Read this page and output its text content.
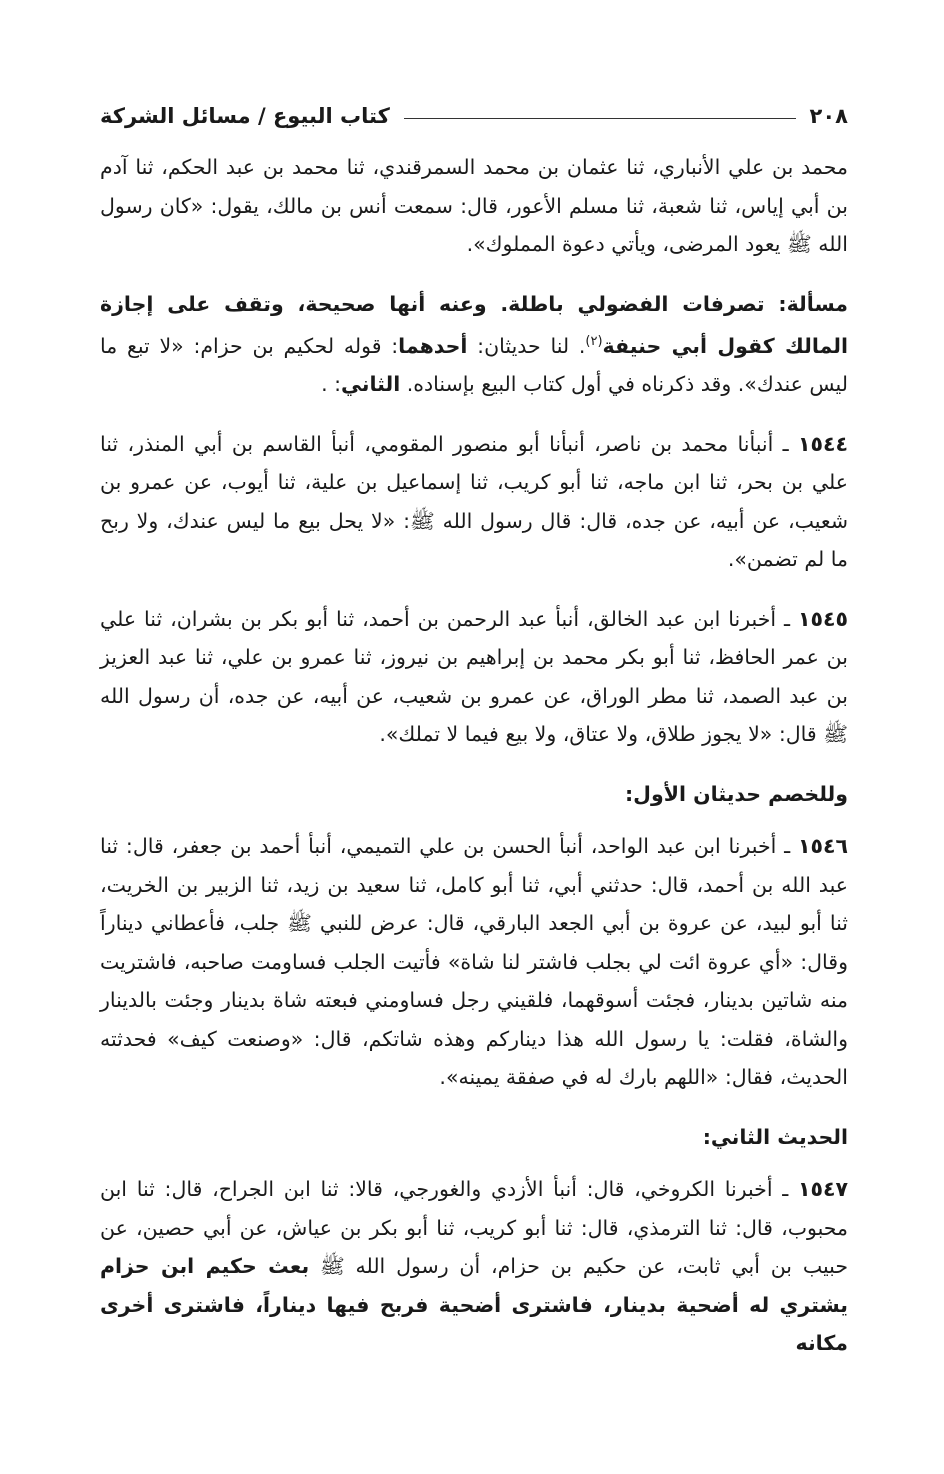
٢٠٨
كتاب البيوع / مسائل الشركة

محمد بن علي الأنباري، ثنا عثمان بن محمد السمرقندي، ثنا محمد بن عبد الحكم، ثنا آدم بن أبي إياس، ثنا شعبة، ثنا مسلم الأعور، قال: سمعت أنس بن مالك، يقول: «كان رسول الله ﷺ يعود المرضى، ويأتي دعوة المملوك».

مسألة: تصرفات الفضولي باطلة. وعنه أنها صحيحة، وتقف على إجازة المالك كقول أبي حنيفة$^{(٢)}$. لنا حديثان: أحدهما: قوله لحكيم بن حزام: «لا تبع ما ليس عندك». وقد ذكرناه في أول كتاب البيع بإسناده. الثاني: .

١٥٤٤ ـ أنبأنا محمد بن ناصر، أنبأنا أبو منصور المقومي، أنبأ القاسم بن أبي المنذر، ثنا علي بن بحر، ثنا ابن ماجه، ثنا أبو كريب، ثنا إسماعيل بن علية، ثنا أيوب، عن عمرو بن شعيب، عن أبيه، عن جده، قال: قال رسول الله ﷺ: «لا يحل بيع ما ليس عندك، ولا ربح ما لم تضمن».

١٥٤٥ ـ أخبرنا ابن عبد الخالق، أنبأ عبد الرحمن بن أحمد، ثنا أبو بكر بن بشران، ثنا علي بن عمر الحافظ، ثنا أبو بكر محمد بن إبراهيم بن نيروز، ثنا عمرو بن علي، ثنا عبد العزيز بن عبد الصمد، ثنا مطر الوراق، عن عمرو بن شعيب، عن أبيه، عن جده، أن رسول الله ﷺ قال: «لا يجوز طلاق، ولا عتاق، ولا بيع فيما لا تملك».

وللخصم حديثان الأول:

١٥٤٦ ـ أخبرنا ابن عبد الواحد، أنبأ الحسن بن علي التميمي، أنبأ أحمد بن جعفر، قال: ثنا عبد الله بن أحمد، قال: حدثني أبي، ثنا أبو كامل، ثنا سعيد بن زيد، ثنا الزبير بن الخريت، ثنا أبو لبيد، عن عروة بن أبي الجعد البارقي، قال: عرض للنبي ﷺ جلب، فأعطاني ديناراً وقال: «أي عروة ائت لي بجلب فاشتر لنا شاة» فأتيت الجلب فساومت صاحبه، فاشتريت منه شاتين بدينار، فجئت أسوقهما، فلقيني رجل فساومني فبعته شاة بدينار وجئت بالدينار والشاة، فقلت: يا رسول الله هذا ديناركم وهذه شاتكم، قال: «وصنعت كيف» فحدثته الحديث، فقال: «اللهم بارك له في صفقة يمينه».

الحديث الثاني:

١٥٤٧ ـ أخبرنا الكروخي، قال: أنبأ الأزدي والغورجي، قالا: ثنا ابن الجراح، قال: ثنا ابن محبوب، قال: ثنا الترمذي، قال: ثنا أبو كريب، ثنا أبو بكر بن عياش، عن أبي حصين، عن حبيب بن أبي ثابت، عن حكيم بن حزام، أن رسول الله ﷺ بعث حكيم ابن حزام يشتري له أضحية بدينار، فاشترى أضحية فربح فيها ديناراً، فاشترى أخرى مكانه
